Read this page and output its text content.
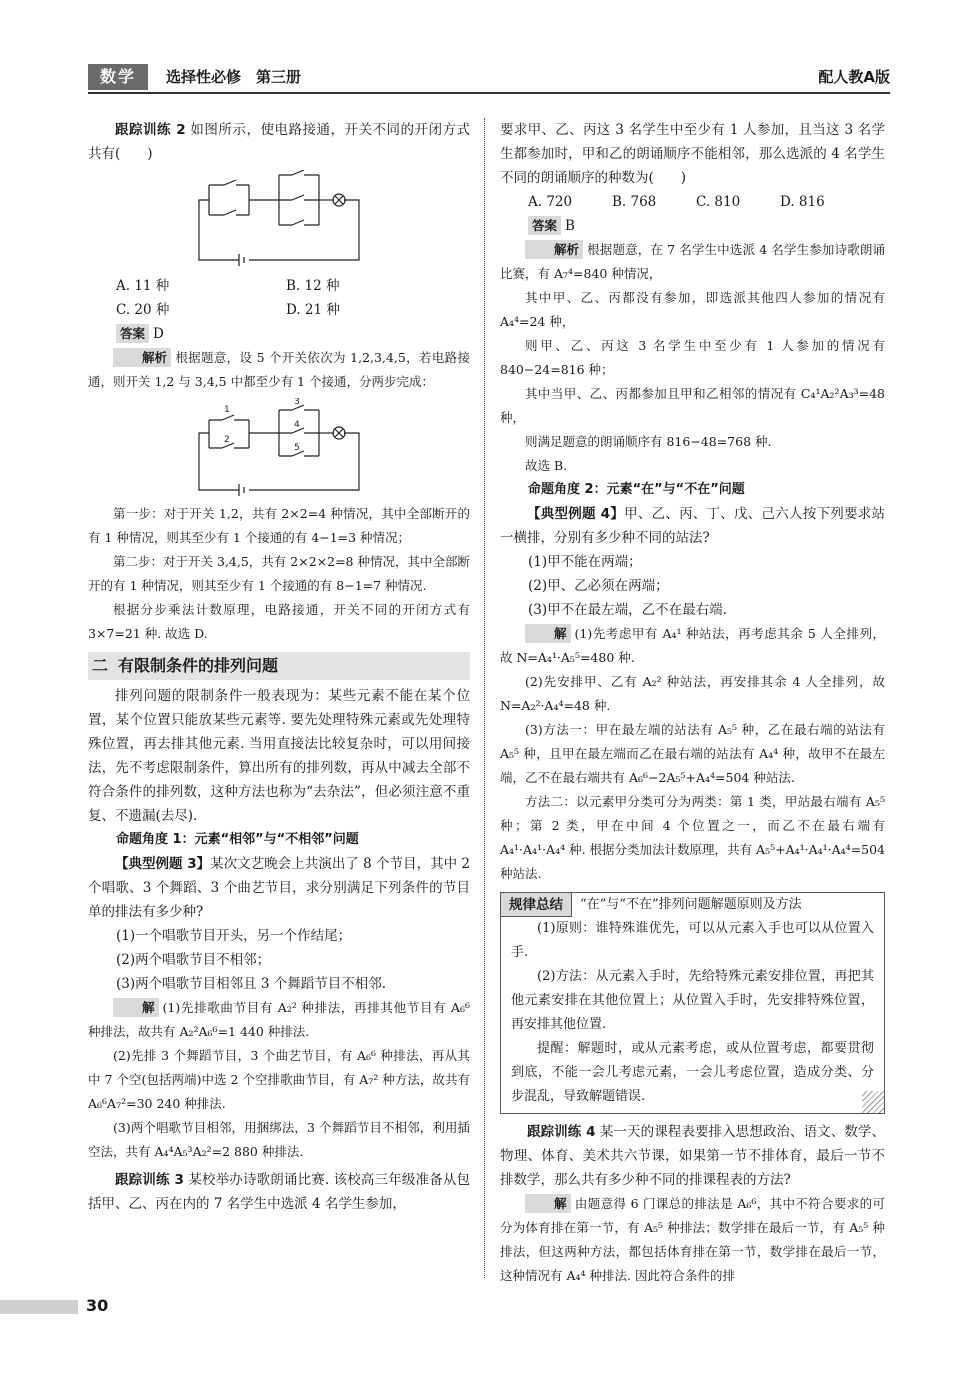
数学	选择性必修　第三册	配人教A版

跟踪训练 2 如图所示，使电路接通，开关不同的开闭方式共有(　　)

A. 11 种	B. 12 种
C. 20 种	D. 21 种
答案 D

解析 根据题意，设 5 个开关依次为 1,2,3,4,5，若电路接通，则开关 1,2 与 3,4,5 中都至少有 1 个接通，分两步完成：

1
2
3
4
5

第一步：对于开关 1,2，共有 2×2=4 种情况，其中全部断开的有 1 种情况，则其至少有 1 个接通的有 4−1=3 种情况；

第二步：对于开关 3,4,5，共有 2×2×2=8 种情况，其中全部断开的有 1 种情况，则其至少有 1 个接通的有 8−1=7 种情况.

根据分步乘法计数原理，电路接通，开关不同的开闭方式有 3×7=21 种. 故选 D.

二 有限制条件的排列问题

排列问题的限制条件一般表现为：某些元素不能在某个位置，某个位置只能放某些元素等. 要先处理特殊元素或先处理特殊位置，再去排其他元素. 当用直接法比较复杂时，可以用间接法，先不考虑限制条件，算出所有的排列数，再从中减去全部不符合条件的排列数，这种方法也称为“去杂法”，但必须注意不重复、不遗漏(去尽).

命题角度 1：元素“相邻”与“不相邻”问题

【典型例题 3】某次文艺晚会上共演出了 8 个节目，其中 2 个唱歌、3 个舞蹈、3 个曲艺节目，求分别满足下列条件的节目单的排法有多少种?

(1)一个唱歌节目开头，另一个作结尾；
(2)两个唱歌节目不相邻；
(3)两个唱歌节目相邻且 3 个舞蹈节目不相邻.

解 (1)先排歌曲节目有 A₂² 种排法，再排其他节目有 A₆⁶ 种排法，故共有 A₂²A₆⁶=1 440 种排法.

(2)先排 3 个舞蹈节目，3 个曲艺节目，有 A₆⁶ 种排法，再从其中 7 个空(包括两端)中选 2 个空排歌曲节目，有 A₇² 种方法，故共有 A₆⁶A₇²=30 240 种排法.

(3)两个唱歌节目相邻，用捆绑法，3 个舞蹈节目不相邻，利用插空法，共有 A₄⁴A₅³A₂²=2 880 种排法.

跟踪训练 3 某校举办诗歌朗诵比赛. 该校高三年级准备从包括甲、乙、丙在内的 7 名学生中选派 4 名学生参加，

要求甲、乙、丙这 3 名学生中至少有 1 人参加，且当这 3 名学生都参加时，甲和乙的朗诵顺序不能相邻，那么选派的 4 名学生不同的朗诵顺序的种数为(　　)

A. 720	B. 768	C. 810	D. 816
答案 B

解析 根据题意，在 7 名学生中选派 4 名学生参加诗歌朗诵比赛，有 A₇⁴=840 种情况，

其中甲、乙、丙都没有参加，即选派其他四人参加的情况有 A₄⁴=24 种，

则甲、乙、丙这 3 名学生中至少有 1 人参加的情况有 840−24=816 种；

其中当甲、乙、丙都参加且甲和乙相邻的情况有 C₄¹A₂²A₃³=48 种，

则满足题意的朗诵顺序有 816−48=768 种.

故选 B.

命题角度 2：元素“在”与“不在”问题

【典型例题 4】甲、乙、丙、丁、戊、己六人按下列要求站一横排，分别有多少种不同的站法?

(1)甲不能在两端；
(2)甲、乙必须在两端；
(3)甲不在最左端，乙不在最右端.

解 (1)先考虑甲有 A₄¹ 种站法，再考虑其余 5 人全排列，故 N=A₄¹·A₅⁵=480 种.

(2)先安排甲、乙有 A₂² 种站法，再安排其余 4 人全排列，故 N=A₂²·A₄⁴=48 种.

(3)方法一：甲在最左端的站法有 A₅⁵ 种，乙在最右端的站法有 A₅⁵ 种，且甲在最左端而乙在最右端的站法有 A₄⁴ 种，故甲不在最左端，乙不在最右端共有 A₆⁶−2A₅⁵+A₄⁴=504 种站法.

方法二：以元素甲分类可分为两类：第 1 类，甲站最右端有 A₅⁵ 种；第 2 类，甲在中间 4 个位置之一，而乙不在最右端有 A₄¹·A₄¹·A₄⁴ 种. 根据分类加法计数原理，共有 A₅⁵+A₄¹·A₄¹·A₄⁴=504 种站法.

规律总结	“在”与“不在”排列问题解题原则及方法

(1)原则：谁特殊谁优先，可以从元素入手也可以从位置入手.

(2)方法：从元素入手时，先给特殊元素安排位置，再把其他元素安排在其他位置上；从位置入手时，先安排特殊位置，再安排其他位置.

提醒：解题时，或从元素考虑，或从位置考虑，都要贯彻到底，不能一会儿考虑元素，一会儿考虑位置，造成分类、分步混乱，导致解题错误.

跟踪训练 4 某一天的课程表要排入思想政治、语文、数学、物理、体育、美术共六节课，如果第一节不排体育，最后一节不排数学，那么共有多少种不同的排课程表的方法?

解 由题意得 6 门课总的排法是 A₆⁶，其中不符合要求的可分为体育排在第一节，有 A₅⁵ 种排法；数学排在最后一节，有 A₅⁵ 种排法，但这两种方法，都包括体育排在第一节，数学排在最后一节，这种情况有 A₄⁴ 种排法. 因此符合条件的排

30
